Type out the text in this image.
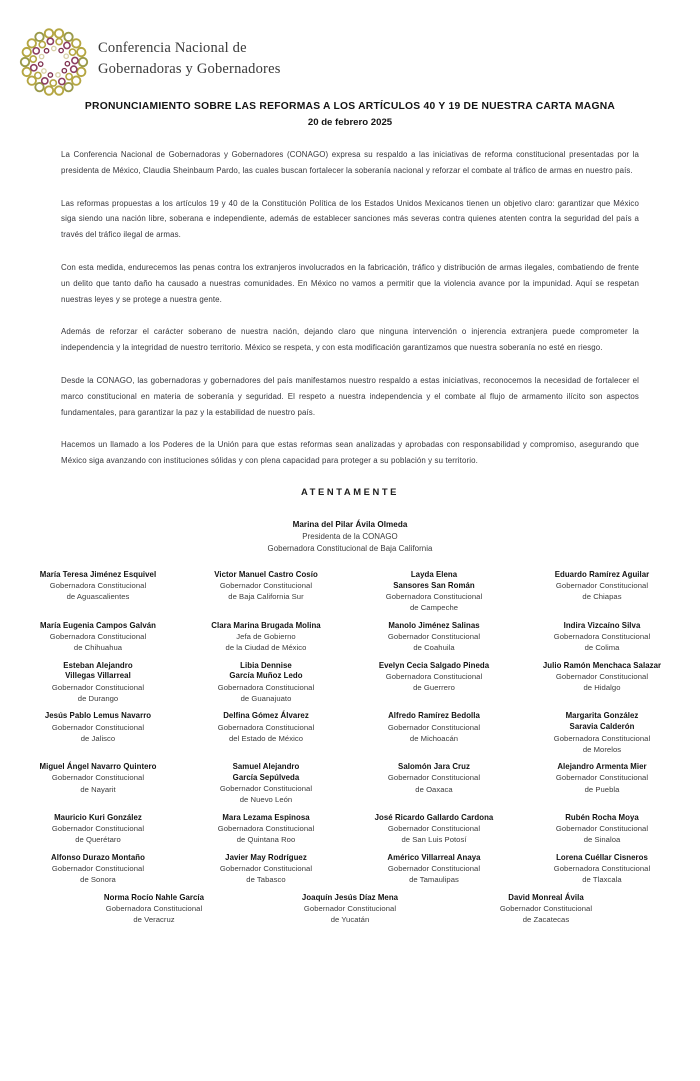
Conferencia Nacional de
Gobernadoras y Gobernadores
PRONUNCIAMIENTO SOBRE LAS REFORMAS A LOS ARTÍCULOS 40 Y 19 DE NUESTRA CARTA MAGNA
20 de febrero 2025

La Conferencia Nacional de Gobernadoras y Gobernadores (CONAGO) expresa su respaldo a las iniciativas de reforma constitucional presentadas por la presidenta de México, Claudia Sheinbaum Pardo, las cuales buscan fortalecer la soberanía nacional y reforzar el combate al tráfico de armas en nuestro país.

Las reformas propuestas a los artículos 19 y 40 de la Constitución Política de los Estados Unidos Mexicanos tienen un objetivo claro: garantizar que México siga siendo una nación libre, soberana e independiente, además de establecer sanciones más severas contra quienes atenten contra la seguridad del país a través del tráfico ilegal de armas.

Con esta medida, endurecemos las penas contra los extranjeros involucrados en la fabricación, tráfico y distribución de armas ilegales, combatiendo de frente un delito que tanto daño ha causado a nuestras comunidades. En México no vamos a permitir que la violencia avance por la impunidad. Aquí se respetan nuestras leyes y se protege a nuestra gente.

Además de reforzar el carácter soberano de nuestra nación, dejando claro que ninguna intervención o injerencia extranjera puede comprometer la independencia y la integridad de nuestro territorio. México se respeta, y con esta modificación garantizamos que nuestra soberanía no esté en riesgo.

Desde la CONAGO, las gobernadoras y gobernadores del país manifestamos nuestro respaldo a estas iniciativas, reconocemos la necesidad de fortalecer el marco constitucional en materia de soberanía y seguridad. El respeto a nuestra independencia y el combate al flujo de armamento ilícito son aspectos fundamentales, para garantizar la paz y la estabilidad de nuestro país.

Hacemos un llamado a los Poderes de la Unión para que estas reformas sean analizadas y aprobadas con responsabilidad y compromiso, asegurando que México siga avanzando con instituciones sólidas y con plena capacidad para proteger a su población y su territorio.

ATENTAMENTE
Marina del Pilar Ávila Olmeda
Presidenta de la CONAGO
Gobernadora Constitucional de Baja California
María Teresa Jiménez Esquivel
Gobernadora Constitucional
de Aguascalientes
Victor Manuel Castro Cosío
Gobernador Constitucional
de Baja California Sur
Layda Elena
Sansores San Román
Gobernadora Constitucional
de Campeche
Eduardo Ramírez Aguilar
Gobernador Constitucional
de Chiapas
María Eugenia Campos Galván
Gobernadora Constitucional
de Chihuahua
Clara Marina Brugada Molina
Jefa de Gobierno
de la Ciudad de México
Manolo Jiménez Salinas
Gobernador Constitucional
de Coahuila
Indira Vizcaíno Silva
Gobernadora Constitucional
de Colima
Esteban Alejandro
Villegas Villarreal
Gobernador Constitucional
de Durango
Libia Dennise
García Muñoz Ledo
Gobernadora Constitucional
de Guanajuato
Evelyn Cecia Salgado Pineda
Gobernadora Constitucional
de Guerrero
Julio Ramón Menchaca Salazar
Gobernador Constitucional
de Hidalgo
Jesús Pablo Lemus Navarro
Gobernador Constitucional
de Jalisco
Delfina Gómez Álvarez
Gobernadora Constitucional
del Estado de México
Alfredo Ramírez Bedolla
Gobernador Constitucional
de Michoacán
Margarita González
Saravia Calderón
Gobernadora Constitucional
de Morelos
Miguel Ángel Navarro Quintero
Gobernador Constitucional
de Nayarit
Samuel Alejandro
García Sepúlveda
Gobernador Constitucional
de Nuevo León
Salomón Jara Cruz
Gobernador Constitucional
de Oaxaca
Alejandro Armenta Mier
Gobernador Constitucional
de Puebla
Mauricio Kuri González
Gobernador Constitucional
de Querétaro
Mara Lezama Espinosa
Gobernadora Constitucional
de Quintana Roo
José Ricardo Gallardo Cardona
Gobernador Constitucional
de San Luis Potosí
Rubén Rocha Moya
Gobernador Constitucional
de Sinaloa
Alfonso Durazo Montaño
Gobernador Constitucional
de Sonora
Javier May Rodríguez
Gobernador Constitucional
de Tabasco
Américo Villarreal Anaya
Gobernador Constitucional
de Tamaulipas
Lorena Cuéllar Cisneros
Gobernadora Constitucional
de Tlaxcala
Norma Rocío Nahle García
Gobernadora Constitucional
de Veracruz
Joaquín Jesús Díaz Mena
Gobernador Constitucional
de Yucatán
David Monreal Ávila
Gobernador Constitucional
de Zacatecas
